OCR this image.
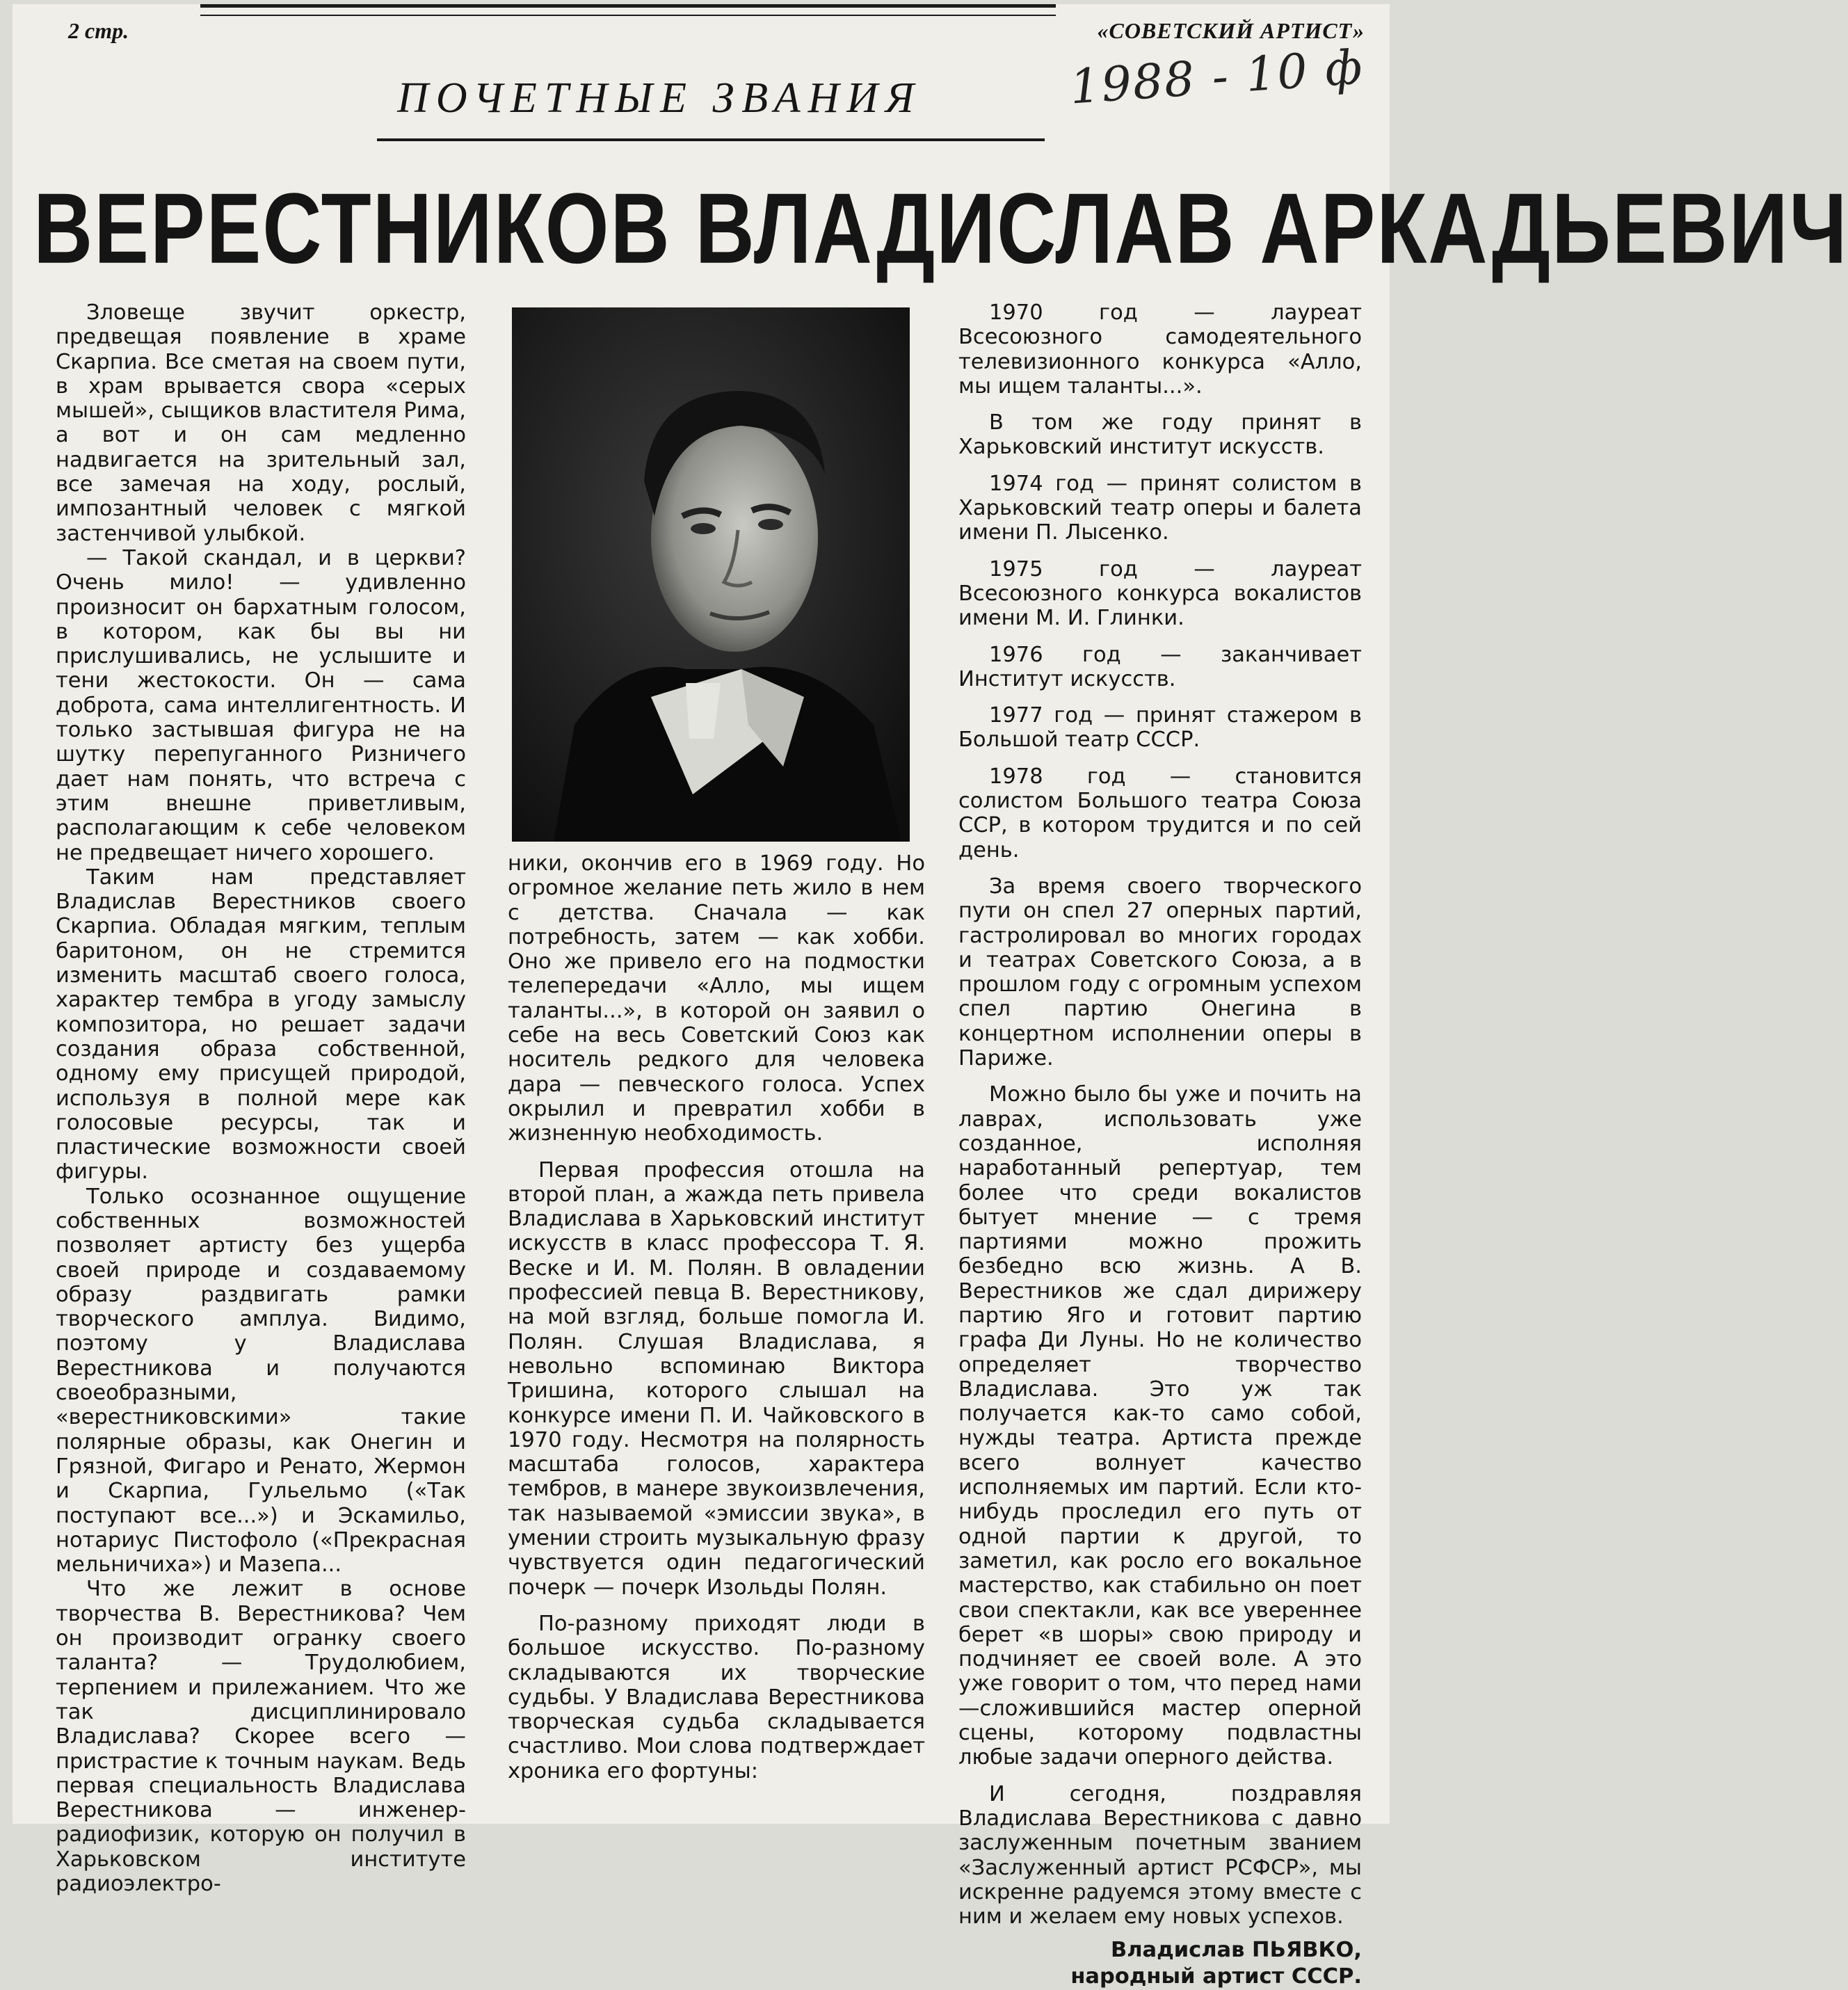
2 стр.	«СОВЕТСКИЙ АРТИСТ»
1988 - 10 ф
ПОЧЕТНЫЕ ЗВАНИЯ
ВЕРЕСТНИКОВ ВЛАДИСЛАВ АРКАДЬЕВИЧ

Зловеще звучит оркестр, предвещая появление в храме Скарпиа. Все сметая на своем пути, в храм врывается свора «серых мышей», сыщиков властителя Рима, а вот и он сам медленно надвигается на зрительный зал, все замечая на ходу, рослый, импозантный человек с мягкой застенчивой улыбкой.

— Такой скандал, и в церкви? Очень мило! — удивленно произносит он бархатным голосом, в котором, как бы вы ни прислушивались, не услышите и тени жестокости. Он — сама доброта, сама интеллигентность. И только застывшая фигура не на шутку перепуганного Ризничего дает нам понять, что встреча с этим внешне приветливым, располагающим к себе человеком не предвещает ничего хорошего.

Таким нам представляет Владислав Верестников своего Скарпиа. Обладая мягким, теплым баритоном, он не стремится изменить масштаб своего голоса, характер тембра в угоду замыслу композитора, но решает задачи создания образа собственной, одному ему присущей природой, используя в полной мере как голосовые ресурсы, так и пластические возможности своей фигуры.

Только осознанное ощущение собственных возможностей позволяет артисту без ущерба своей природе и создаваемому образу раздвигать рамки творческого амплуа. Видимо, поэтому у Владислава Верестникова и получаются своеобразными, «верестниковскими» такие полярные образы, как Онегин и Грязной, Фигаро и Ренато, Жермон и Скарпиа, Гульельмо («Так поступают все...») и Эскамильо, нотариус Пистофоло («Прекрасная мельничиха») и Мазепа...

Что же лежит в основе творчества В. Верестникова? Чем он производит огранку своего таланта? — Трудолюбием, терпением и прилежанием. Что же так дисциплинировало Владислава? Скорее всего — пристрастие к точным наукам. Ведь первая специальность Владислава Верестникова — инженер-радиофизик, которую он получил в Харьковском институте радиоэлектро-

ники, окончив его в 1969 году. Но огромное желание петь жило в нем с детства. Сначала — как потребность, затем — как хобби. Оно же привело его на подмостки телепередачи «Алло, мы ищем таланты...», в которой он заявил о себе на весь Советский Союз как носитель редкого для человека дара — певческого голоса. Успех окрылил и превратил хобби в жизненную необходимость.

Первая профессия отошла на второй план, а жажда петь привела Владислава в Харьковский институт искусств в класс профессора Т. Я. Веске и И. М. Полян. В овладении профессией певца В. Верестникову, на мой взгляд, больше помогла И. Полян. Слушая Владислава, я невольно вспоминаю Виктора Тришина, которого слышал на конкурсе имени П. И. Чайковского в 1970 году. Несмотря на полярность масштаба голосов, характера тембров, в манере звукоизвлечения, так называемой «эмиссии звука», в умении строить музыкальную фразу чувствуется один педагогический почерк — почерк Изольды Полян.

По-разному приходят люди в большое искусство. По-разному складываются их творческие судьбы. У Владислава Верестникова творческая судьба складывается счастливо. Мои слова подтверждает хроника его фортуны:

1970 год — лауреат Всесоюзного самодеятельного телевизионного конкурса «Алло, мы ищем таланты...».

В том же году принят в Харьковский институт искусств.

1974 год — принят солистом в Харьковский театр оперы и балета имени П. Лысенко.

1975 год — лауреат Всесоюзного конкурса вокалистов имени М. И. Глинки.

1976 год — заканчивает Институт искусств.

1977 год — принят стажером в Большой театр СССР.

1978 год — становится солистом Большого театра Союза ССР, в котором трудится и по сей день.

За время своего творческого пути он спел 27 оперных партий, гастролировал во многих городах и театрах Советского Союза, а в прошлом году с огромным успехом спел партию Онегина в концертном исполнении оперы в Париже.

Можно было бы уже и почить на лаврах, использовать уже созданное, исполняя наработанный репертуар, тем более что среди вокалистов бытует мнение — с тремя партиями можно прожить безбедно всю жизнь. А В. Верестников же сдал дирижеру партию Яго и готовит партию графа Ди Луны. Но не количество определяет творчество Владислава. Это уж так получается как-то само собой, нужды театра. Артиста прежде всего волнует качество исполняемых им партий. Если кто-нибудь проследил его путь от одной партии к другой, то заметил, как росло его вокальное мастерство, как стабильно он поет свои спектакли, как все увереннее берет «в шоры» свою природу и подчиняет ее своей воле. А это уже говорит о том, что перед нами —сложившийся мастер оперной сцены, которому подвластны любые задачи оперного действа.

И сегодня, поздравляя Владислава Верестникова с давно заслуженным почетным званием «Заслуженный артист РСФСР», мы искренне радуемся этому вместе с ним и желаем ему новых успехов.

Владислав ПЬЯВКО,
народный артист СССР.
